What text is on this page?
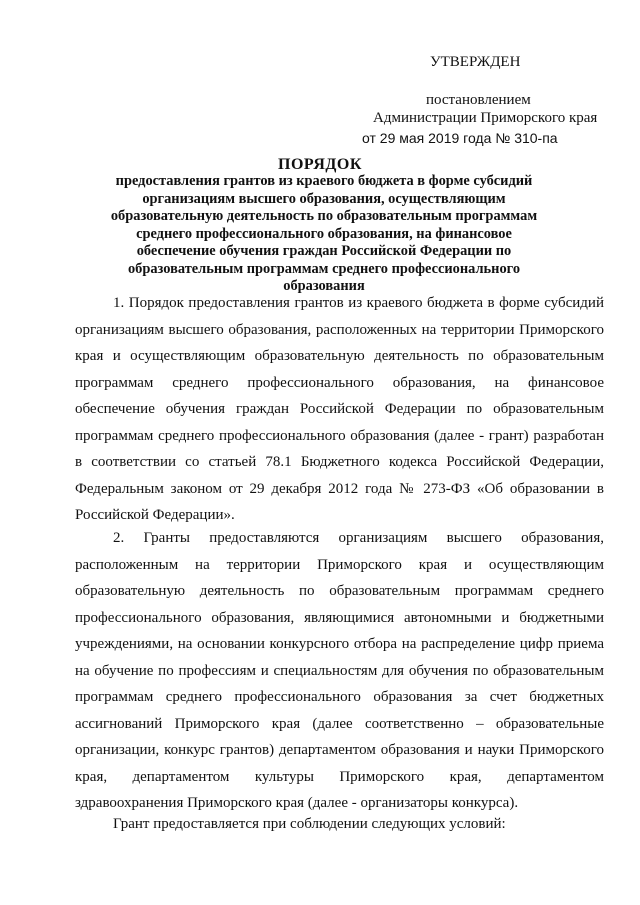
УТВЕРЖДЕН
постановлением
Администрации Приморского края
от 29 мая 2019 года № 310-па
ПОРЯДОК
предоставления грантов из краевого бюджета в форме субсидий организациям высшего образования, осуществляющим образовательную деятельность по образовательным программам среднего профессионального образования, на финансовое обеспечение обучения граждан Российской Федерации по образовательным программам среднего профессионального образования

1. Порядок предоставления грантов из краевого бюджета в форме субсидий организациям высшего образования, расположенных на территории Приморского края и осуществляющим образовательную деятельность по образовательным программам среднего профессионального образования, на финансовое обеспечение обучения граждан Российской Федерации по образовательным программам среднего профессионального образования (далее - грант) разработан в соответствии со статьей 78.1 Бюджетного кодекса Российской Федерации, Федеральным законом от 29 декабря 2012 года № 273-ФЗ «Об образовании в Российской Федерации».

2. Гранты предоставляются организациям высшего образования, расположенным на территории Приморского края и осуществляющим образовательную деятельность по образовательным программам среднего профессионального образования, являющимися автономными и бюджетными учреждениями, на основании конкурсного отбора на распределение цифр приема на обучение по профессиям и специальностям для обучения по образовательным программам среднего профессионального образования за счет бюджетных ассигнований Приморского края (далее соответственно – образовательные организации, конкурс грантов) департаментом образования и науки Приморского края, департаментом культуры Приморского края, департаментом здравоохранения Приморского края (далее - организаторы конкурса).

Грант предоставляется при соблюдении следующих условий:
